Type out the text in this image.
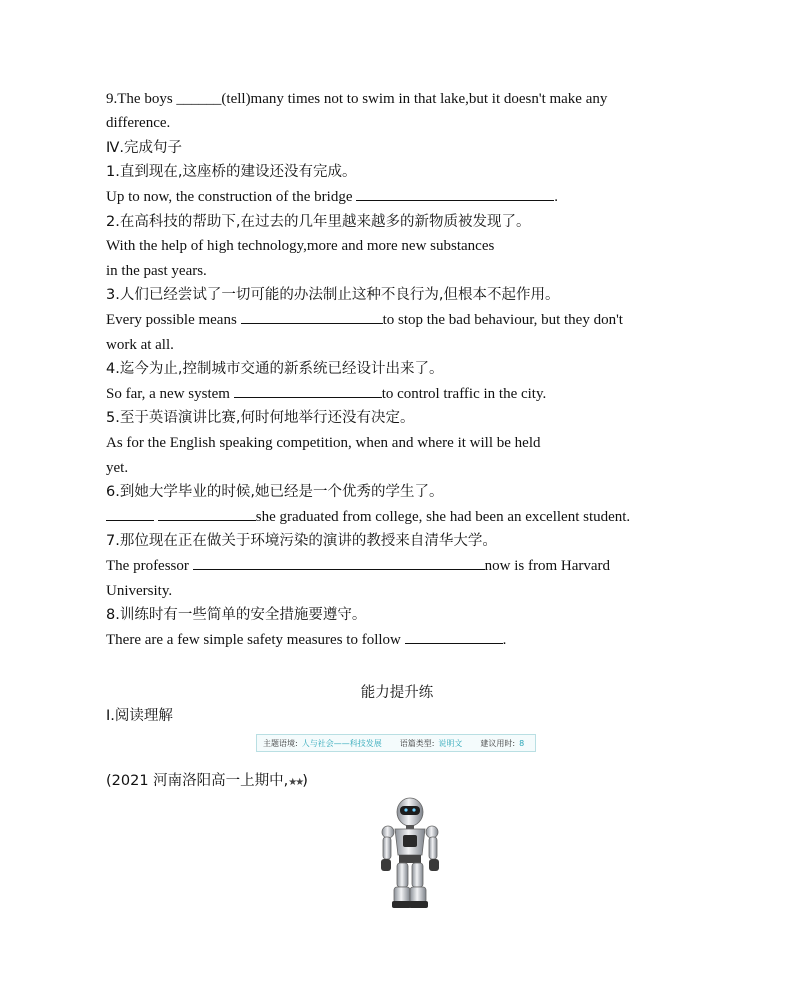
9.The boys ______(tell)many times not to swim in that lake,but it doesn't make any
difference.
Ⅳ.完成句子
1.直到现在,这座桥的建设还没有完成。
Up to now, the construction of the bridge	.
2.在高科技的帮助下,在过去的几年里越来越多的新物质被发现了。
With the help of high technology,more and more new substances
in the past years.
3.人们已经尝试了一切可能的办法制止这种不良行为,但根本不起作用。
Every possible means	to stop the bad behaviour, but they don't
work at all.
4.迄今为止,控制城市交通的新系统已经设计出来了。
So far, a new system	to control traffic in the city.
5.至于英语演讲比赛,何时何地举行还没有决定。
As for the English speaking competition, when and where it will be held
yet.
6.到她大学毕业的时候,她已经是一个优秀的学生了。
she graduated from college, she had been an excellent student.
7.那位现在正在做关于环境污染的演讲的教授来自清华大学。
The professor	now is from Harvard
University.
8.训练时有一些简单的安全措施要遵守。
There are a few simple safety measures to follow	.
能力提升练
Ⅰ.阅读理解
主题语境: 人与社会——科技发展 语篇类型: 说明文 建议用时: 8
(2021 河南洛阳高一上期中,★★)
